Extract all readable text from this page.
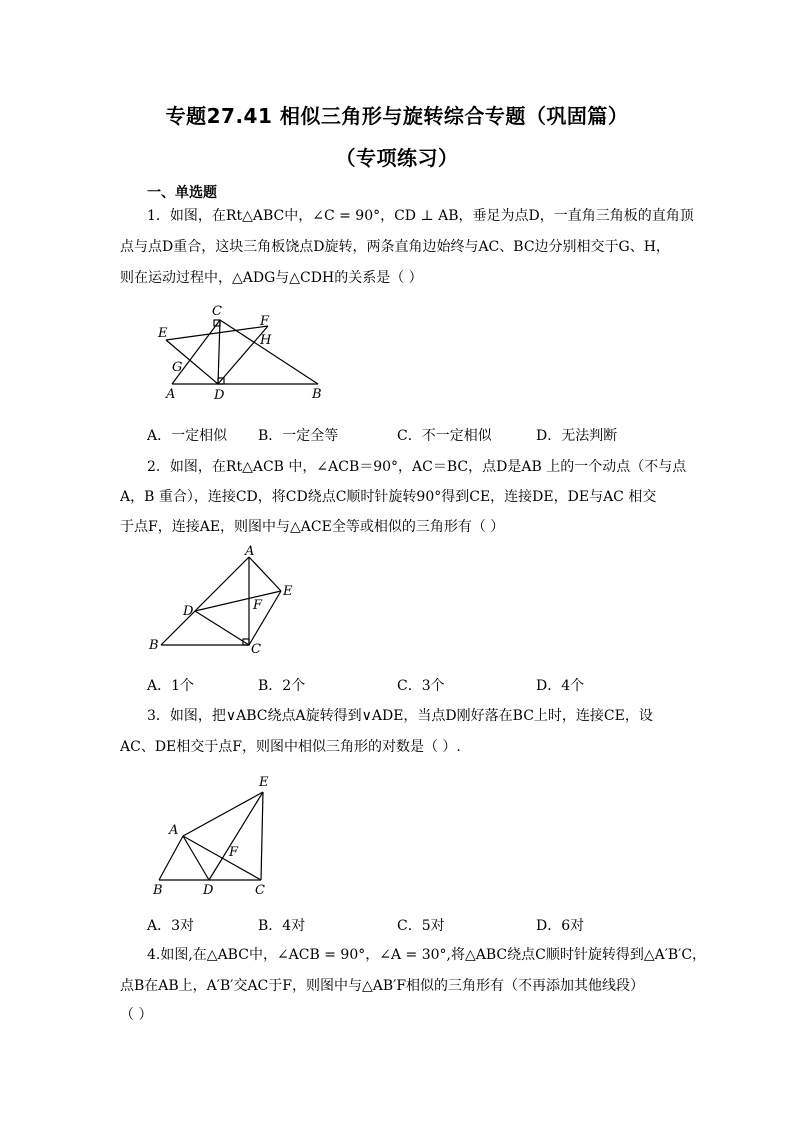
专题27.41 相似三角形与旋转综合专题（巩固篇）
（专项练习）
一、单选题
1．如图，在Rt△ABC中，∠C = 90°，CD ⊥ AB，垂足为点D，一直角三角板的直角顶
点与点D重合，这块三角板饶点D旋转，两条直角边始终与AC、BC边分别相交于G、H，
则在运动过程中，△ADG与△CDH的关系是（ ）
C
E
F
H
G
A	D	B
A．一定相似 B．一定全等	C．不一定相似	D．无法判断
2．如图，在Rt△ACB 中，∠ACB＝90°，AC＝BC，点D是AB 上的一个动点（不与点
A，B 重合），连接CD，将CD绕点C顺时针旋转90°得到CE，连接DE，DE与AC 相交
于点F，连接AE，则图中与△ACE全等或相似的三角形有（ ）
A
E
D	F
B	C
A．1个	B．2个	C．3个	D．4个
3．如图，把∨ABC绕点A旋转得到∨ADE，当点D刚好落在BC上时，连接CE，设
AC、DE相交于点F，则图中相似三角形的对数是（ ）.
E
A
F
B	D	C
A．3对	B．4对	C．5对	D．6对
4.如图,在△ABC中，∠ACB = 90°，∠A = 30°,将△ABC绕点C顺时针旋转得到△A′B′C，
点B在AB上，A′B′交AC于F，则图中与△AB′F相似的三角形有（不再添加其他线段）
（ ）
